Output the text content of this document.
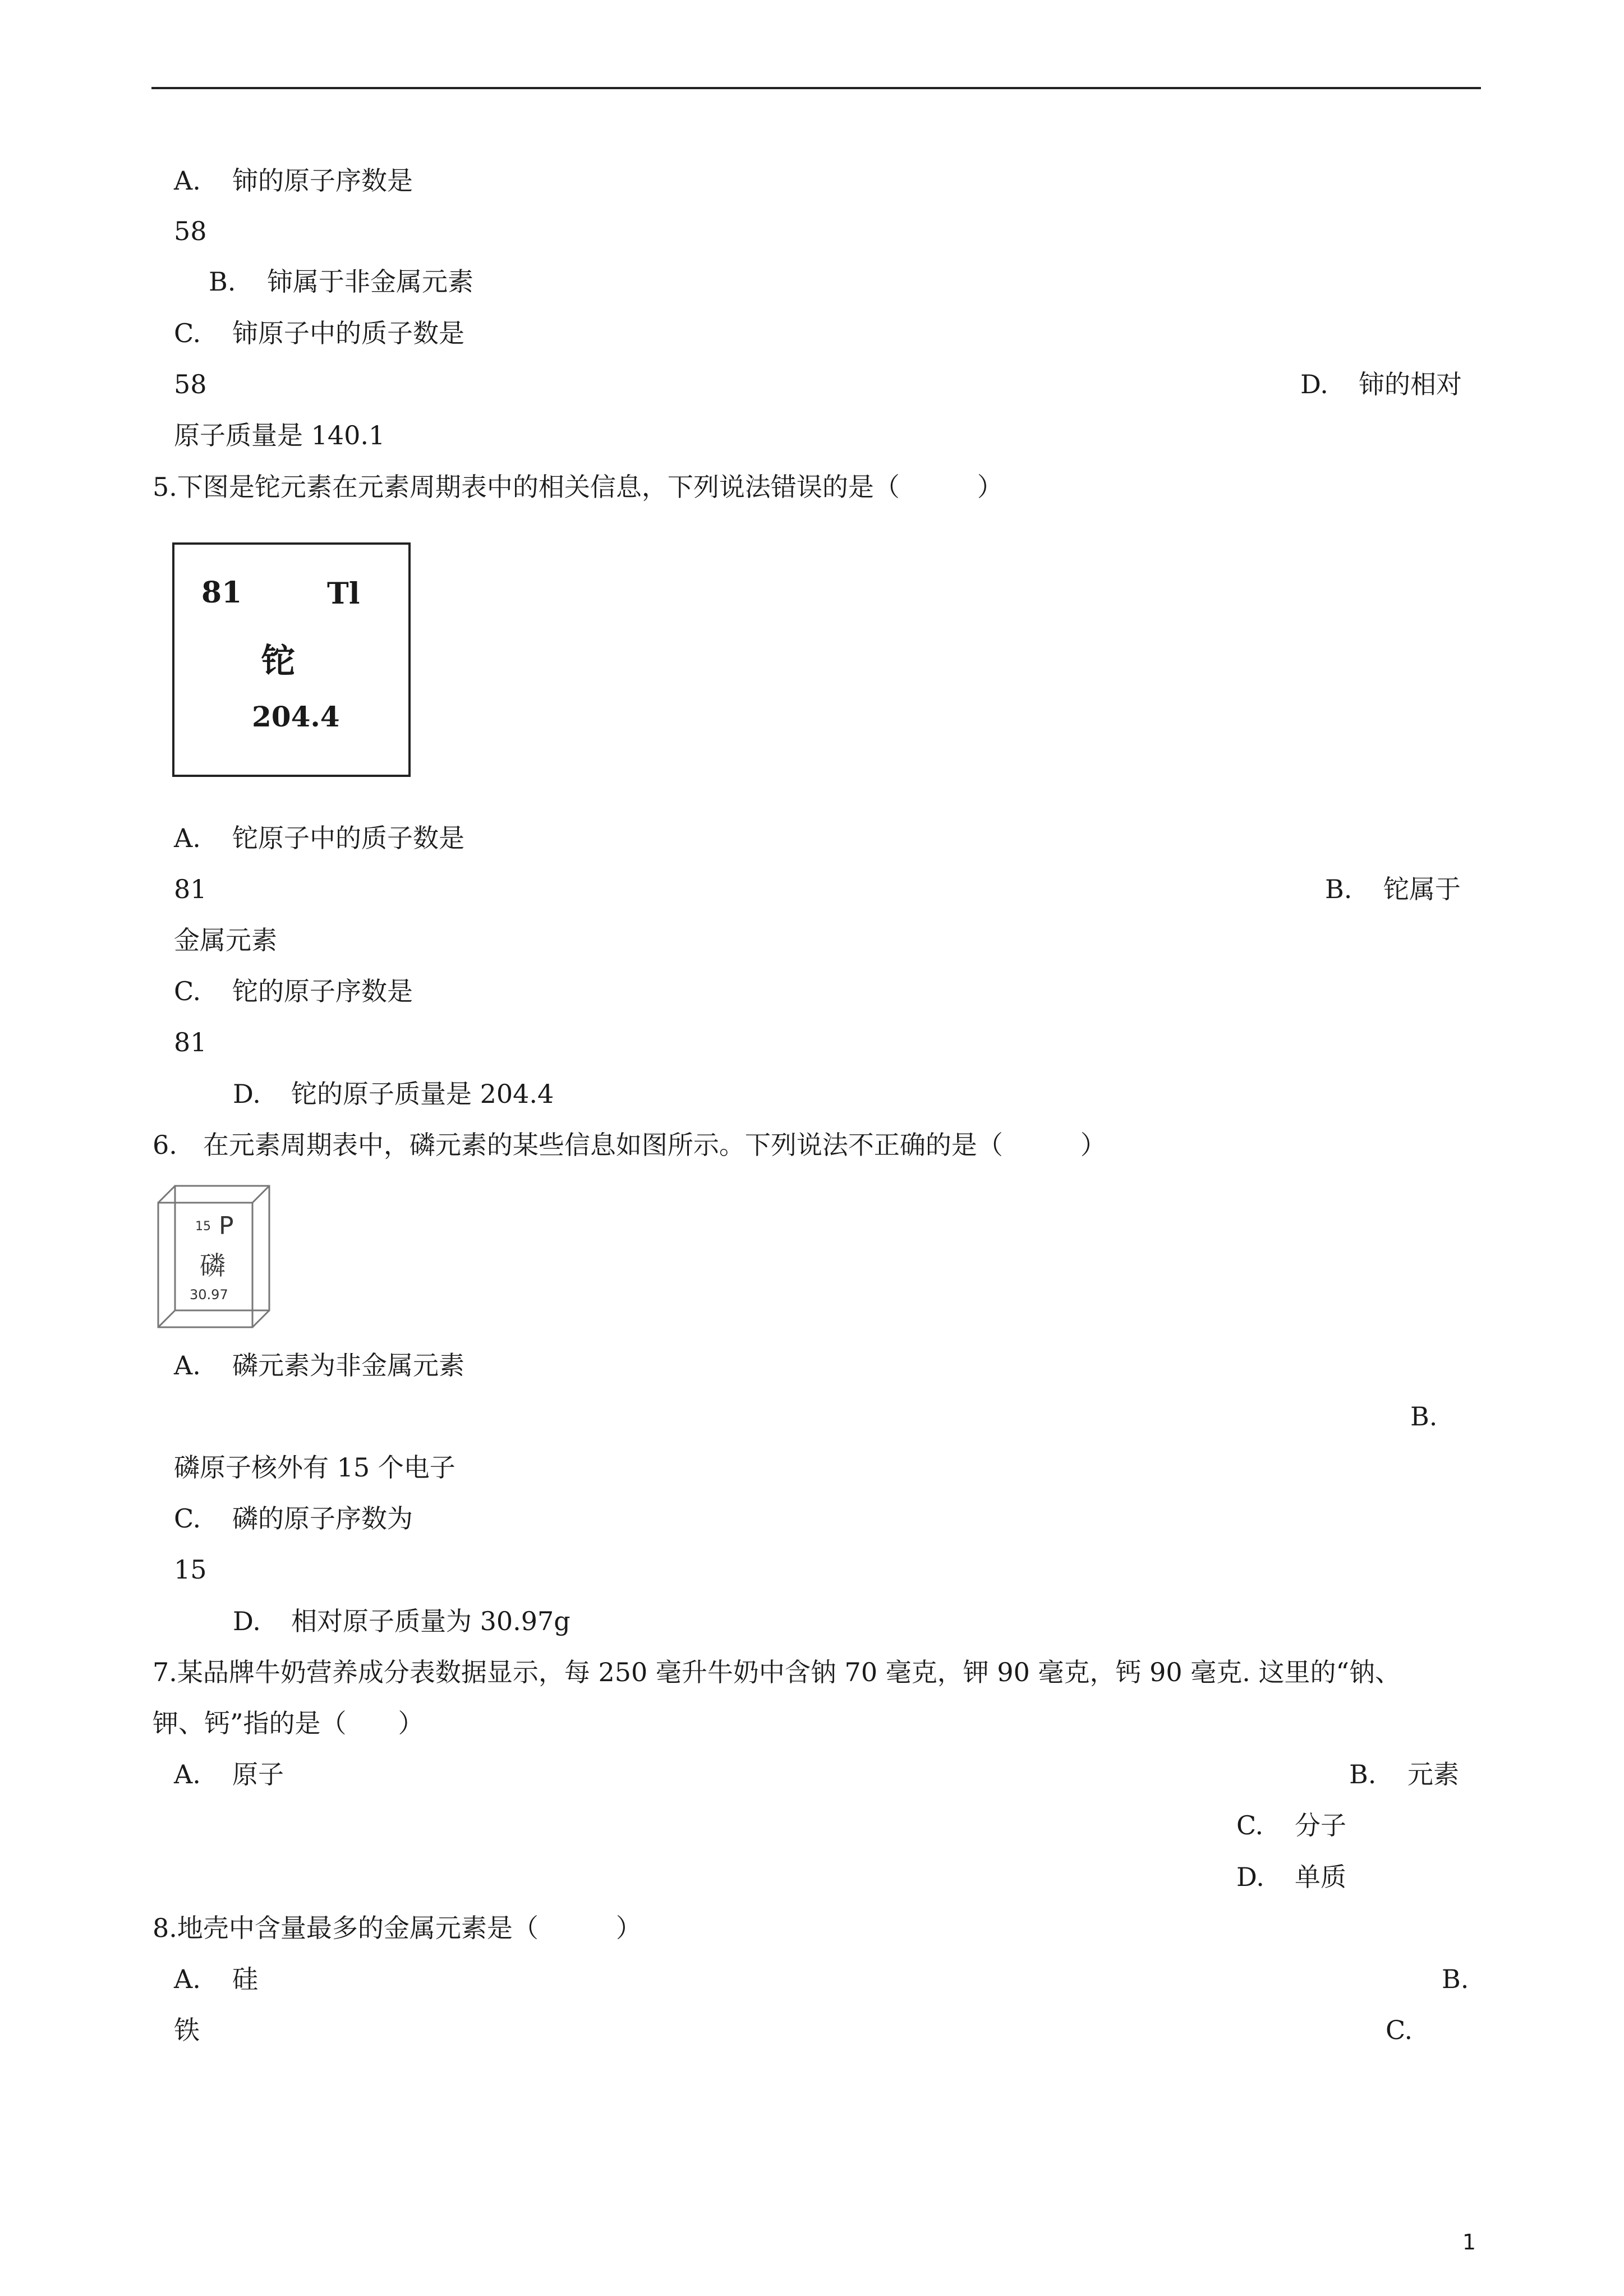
A. 铈的原子序数是
58
B. 铈属于非金属元素
C. 铈原子中的质子数是
58	D. 铈的相对
原子质量是 140.1
5.下图是铊元素在元素周期表中的相关信息，下列说法错误的是（　　　）
81	Tl
铊
204.4
A. 铊原子中的质子数是
81	B. 铊属于
金属元素
C. 铊的原子序数是
81
D. 铊的原子质量是 204.4
6.　在元素周期表中，磷元素的某些信息如图所示。下列说法不正确的是（　　　）
15 P
磷
30.97
A. 磷元素为非金属元素
B.
磷原子核外有 15 个电子
C. 磷的原子序数为
15
D. 相对原子质量为 30.97g
7.某品牌牛奶营养成分表数据显示，每 250 毫升牛奶中含钠 70 毫克，钾 90 毫克，钙 90 毫克. 这里的“钠、
钾、钙”指的是（　　）
A. 原子	B. 元素
C. 分子
D. 单质
8.地壳中含量最多的金属元素是（　　　）
A. 硅	B.
铁	C.
1
